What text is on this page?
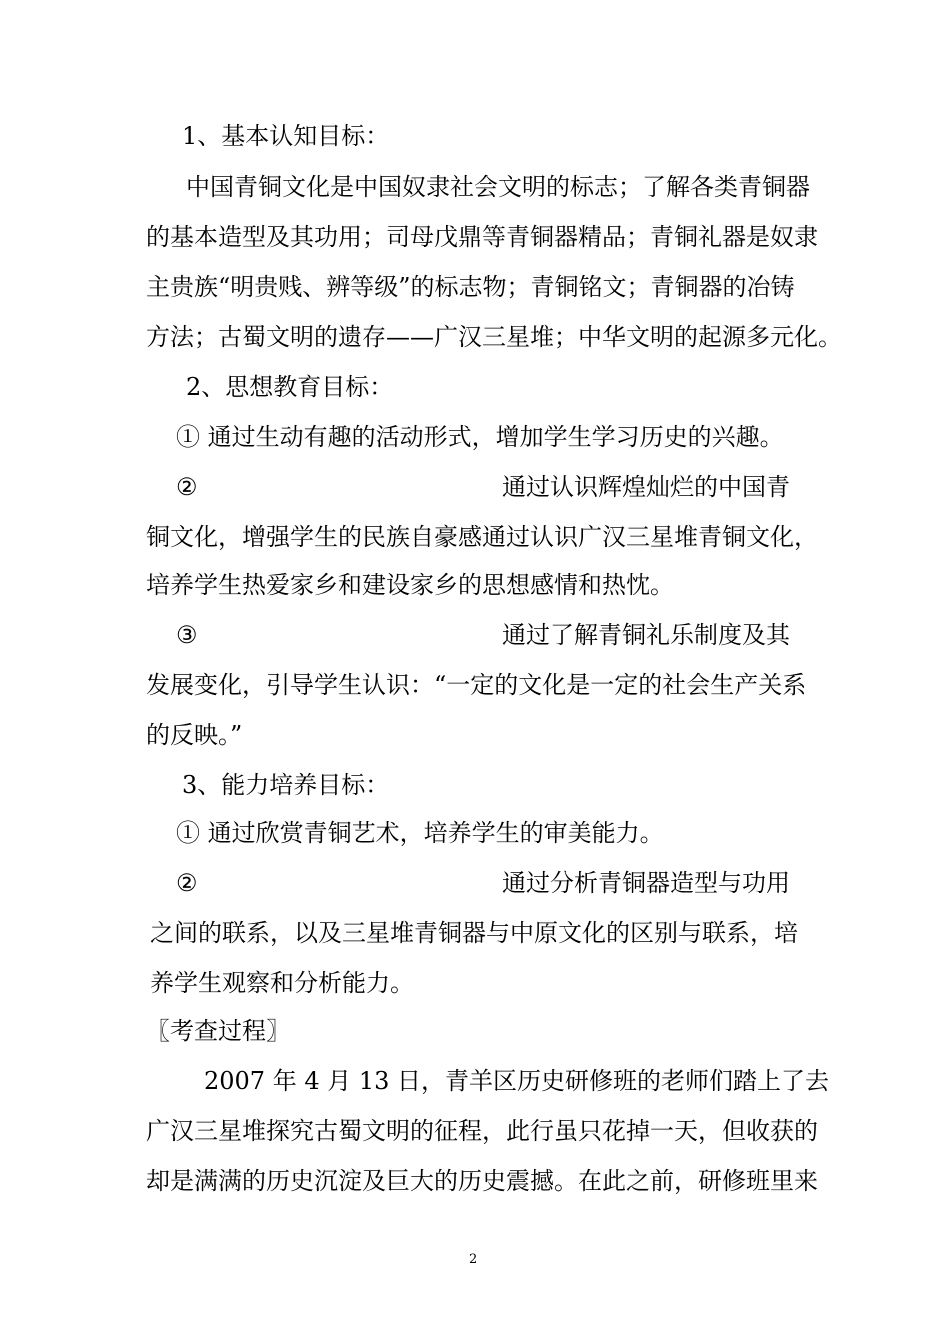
1、基本认知目标：
中国青铜文化是中国奴隶社会文明的标志；了解各类青铜器
的基本造型及其功用；司母戊鼎等青铜器精品；青铜礼器是奴隶
主贵族“明贵贱、辨等级”的标志物；青铜铭文；青铜器的冶铸
方法；古蜀文明的遗存——广汉三星堆；中华文明的起源多元化。
2、思想教育目标：
① 通过生动有趣的活动形式，增加学生学习历史的兴趣。
②	通过认识辉煌灿烂的中国青
铜文化，增强学生的民族自豪感通过认识广汉三星堆青铜文化，
培养学生热爱家乡和建设家乡的思想感情和热忱。
③	通过了解青铜礼乐制度及其
发展变化，引导学生认识：“一定的文化是一定的社会生产关系
的反映。”
3、能力培养目标：
① 通过欣赏青铜艺术，培养学生的审美能力。
②	通过分析青铜器造型与功用
之间的联系，以及三星堆青铜器与中原文化的区别与联系，培
养学生观察和分析能力。
〖考查过程〗
2007 年 4 月 13 日，青羊区历史研修班的老师们踏上了去
广汉三星堆探究古蜀文明的征程，此行虽只花掉一天，但收获的
却是满满的历史沉淀及巨大的历史震撼。在此之前，研修班里来
2
